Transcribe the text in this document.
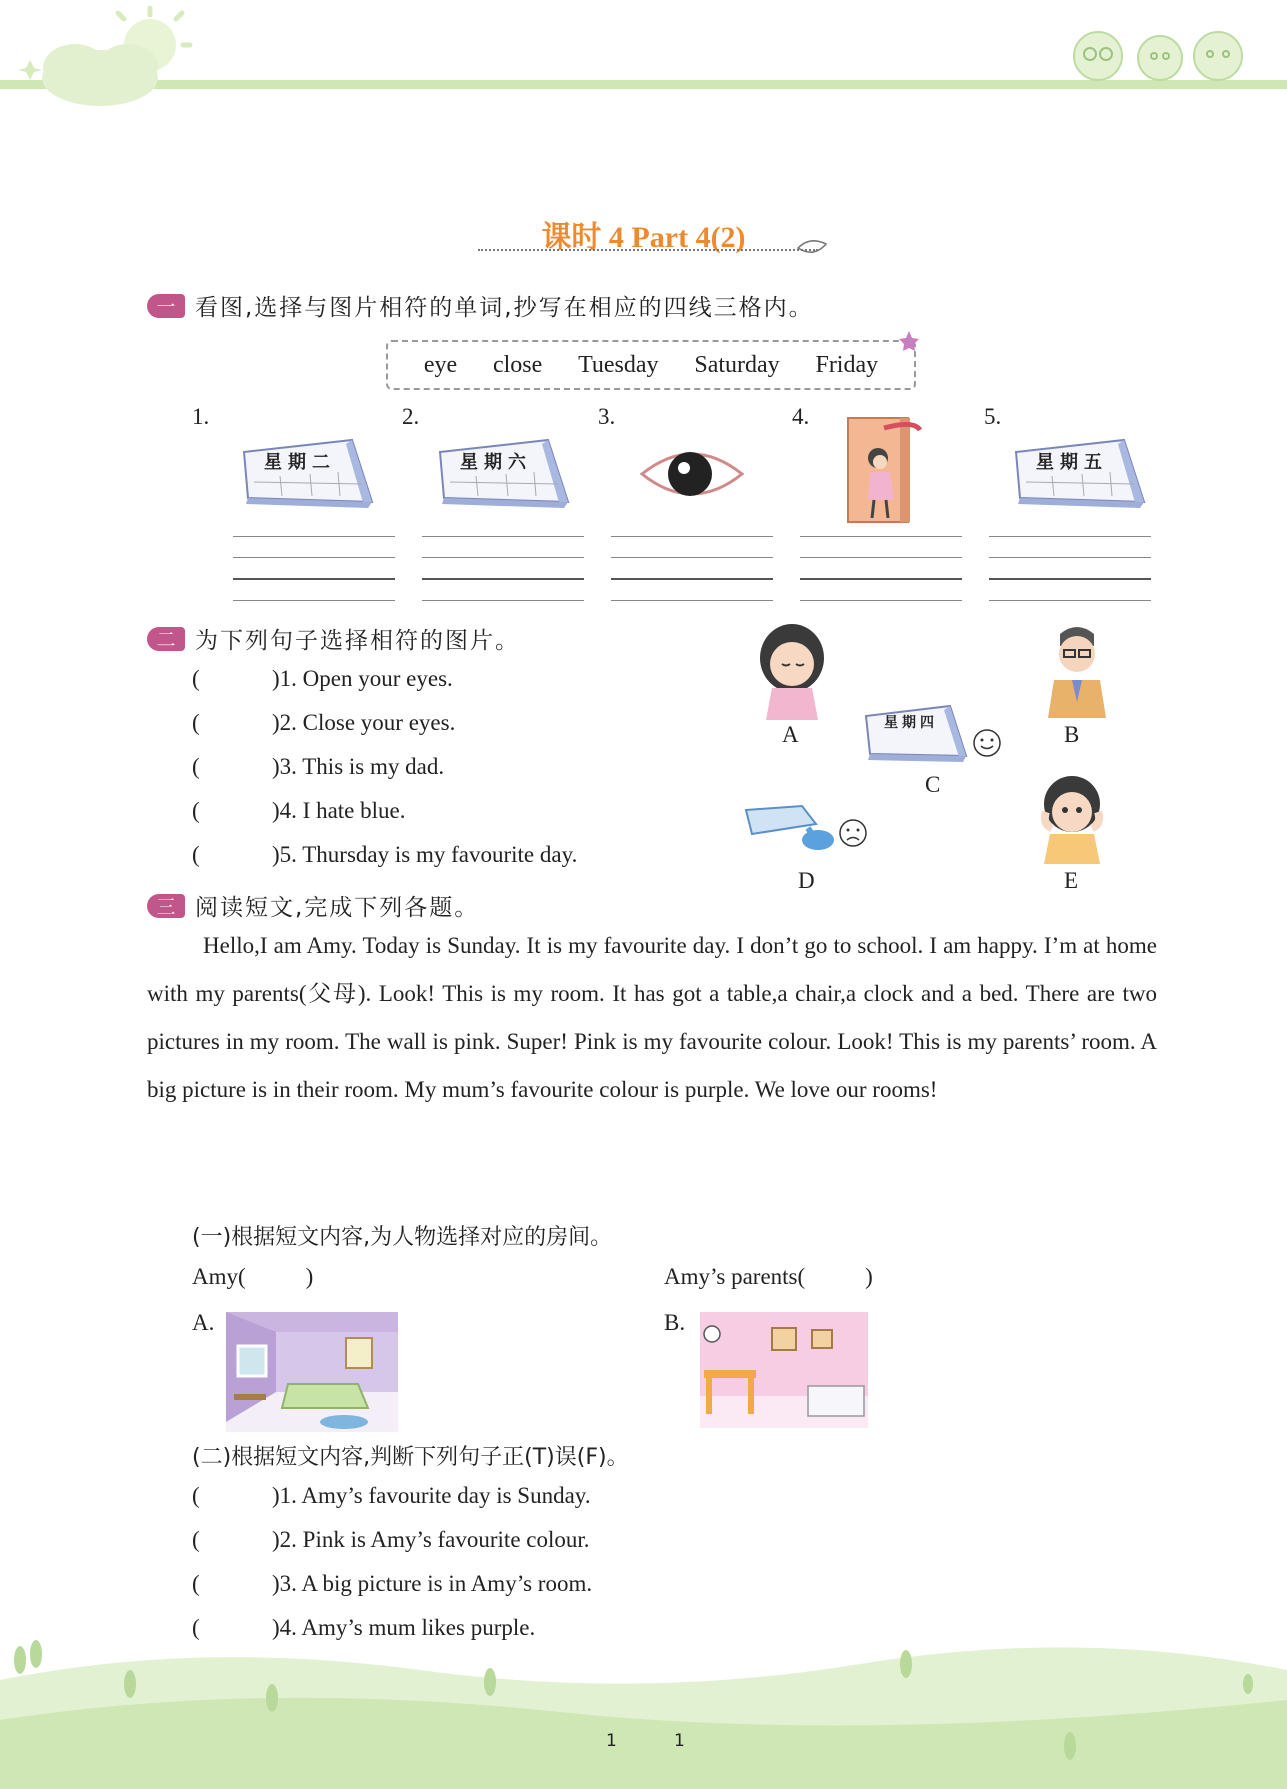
课时 4 Part 4(2)
一 看图,选择与图片相符的单词,抄写在相应的四线三格内。
eye close Tuesday Saturday Friday
1.	2.	3.	4.	5.
星期二	星期六	星期五
二 为下列句子选择相符的图片。
(	)1. Open your eyes.
(	)2. Close your eyes.
(	)3. This is my dad.
(	)4. I hate blue.
(	)5. Thursday is my favourite day.
A	B
星期四
C
D	E
三 阅读短文,完成下列各题。

Hello,I am Amy. Today is Sunday. It is my favourite day. I don’t go to school. I am happy. I’m at home with my parents(父母). Look! This is my room. It has got a table,a chair,a clock and a bed. There are two pictures in my room. The wall is pink. Super! Pink is my favourite colour. Look! This is my parents’ room. A big picture is in their room. My mum’s favourite colour is purple. We love our rooms!

(一)根据短文内容,为人物选择对应的房间。
Amy(	)	Amy’s parents(	)
A.	B.
(二)根据短文内容,判断下列句子正(T)误(F)。
(	)1. Amy’s favourite day is Sunday.
(	)2. Pink is Amy’s favourite colour.
(	)3. A big picture is in Amy’s room.
(	)4. Amy’s mum likes purple.
1	1
